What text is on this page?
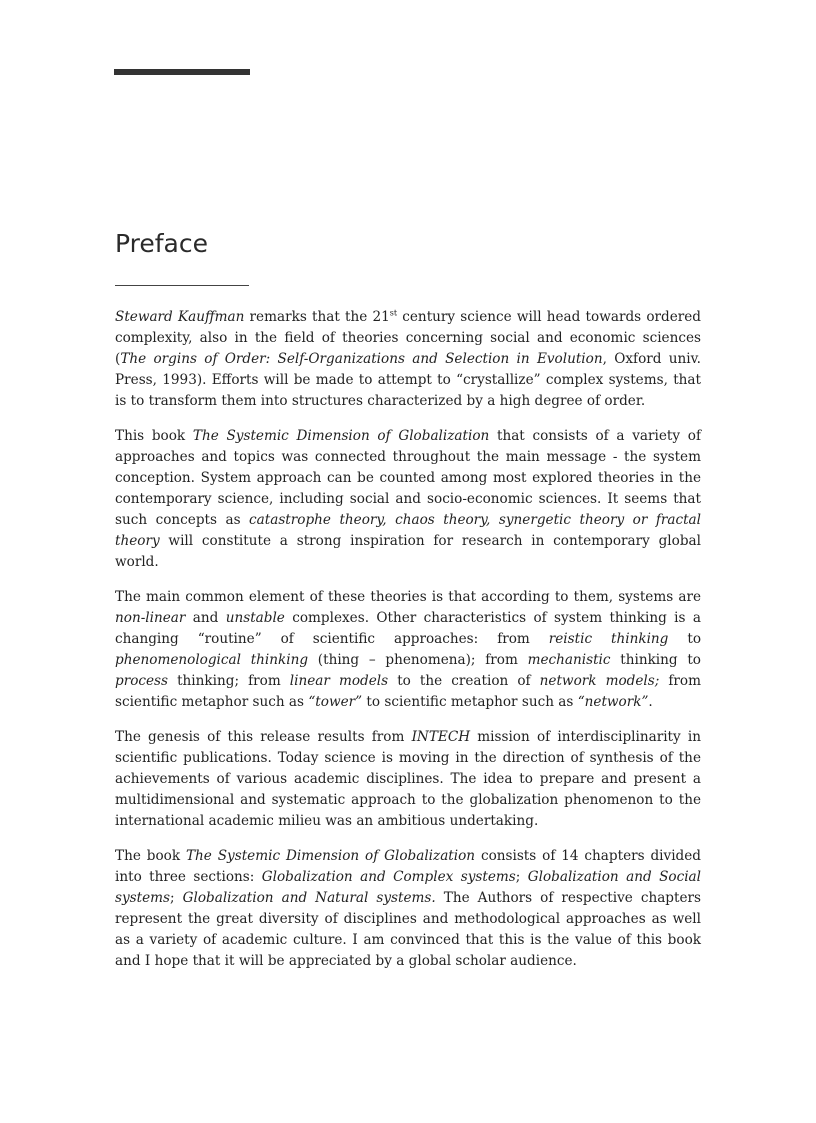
Preface

Steward Kauffman remarks that the 21st century science will head towards ordered complexity, also in the field of theories concerning social and economic sciences (The orgins of Order: Self-Organizations and Selection in Evolution, Oxford univ. Press, 1993). Efforts will be made to attempt to “crystallize” complex systems, that is to transform them into structures characterized by a high degree of order.

This book The Systemic Dimension of Globalization that consists of a variety of approaches and topics was connected throughout the main message - the system conception. System approach can be counted among most explored theories in the contemporary science, including social and socio-economic sciences. It seems that such concepts as catastrophe theory, chaos theory, synergetic theory or fractal theory will constitute a strong inspiration for research in contemporary global world.

The main common element of these theories is that according to them, systems are non-linear and unstable complexes. Other characteristics of system thinking is a changing “routine” of scientific approaches: from reistic thinking to phenomenological thinking (thing – phenomena); from mechanistic thinking to process thinking; from linear models to the creation of network models; from scientific metaphor such as “tower” to scientific metaphor such as “network”.

The genesis of this release results from INTECH mission of interdisciplinarity in scientific publications. Today science is moving in the direction of synthesis of the achievements of various academic disciplines. The idea to prepare and present a multidimensional and systematic approach to the globalization phenomenon to the international academic milieu was an ambitious undertaking.

The book The Systemic Dimension of Globalization consists of 14 chapters divided into three sections: Globalization and Complex systems; Globalization and Social systems; Globalization and Natural systems. The Authors of respective chapters represent the great diversity of disciplines and methodological approaches as well as a variety of academic culture. I am convinced that this is the value of this book and I hope that it will be appreciated by a global scholar audience.
